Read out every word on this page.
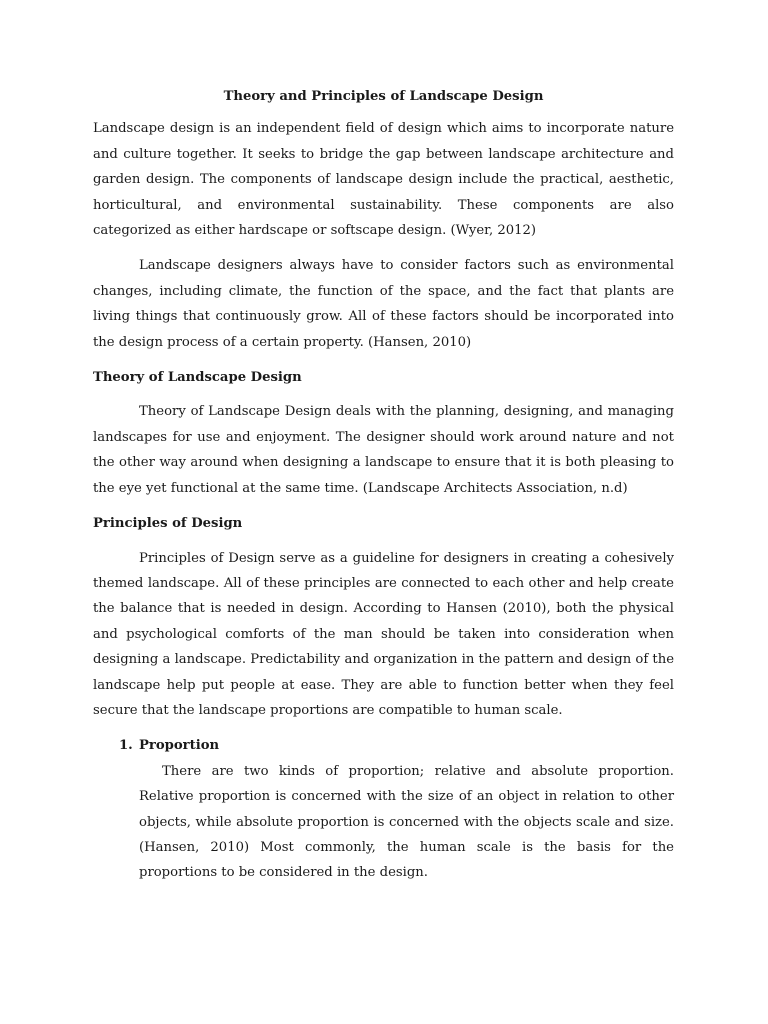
Theory and Principles of Landscape Design

Landscape design is an independent field of design which aims to incorporate nature and culture together. It seeks to bridge the gap between landscape architecture and garden design. The components of landscape design include the practical, aesthetic, horticultural, and environmental sustainability. These components are also categorized as either hardscape or softscape design. (Wyer, 2012)

Landscape designers always have to consider factors such as environmental changes, including climate, the function of the space, and the fact that plants are living things that continuously grow. All of these factors should be incorporated into the design process of a certain property. (Hansen, 2010)

Theory of Landscape Design

Theory of Landscape Design deals with the planning, designing, and managing landscapes for use and enjoyment. The designer should work around nature and not the other way around when designing a landscape to ensure that it is both pleasing to the eye yet functional at the same time. (Landscape Architects Association, n.d)

Principles of Design

Principles of Design serve as a guideline for designers in creating a cohesively themed landscape. All of these principles are connected to each other and help create the balance that is needed in design. According to Hansen (2010), both the physical and psychological comforts of the man should be taken into consideration when designing a landscape. Predictability and organization in the pattern and design of the landscape help put people at ease. They are able to function better when they feel secure that the landscape proportions are compatible to human scale.

1. Proportion

There are two kinds of proportion; relative and absolute proportion. Relative proportion is concerned with the size of an object in relation to other objects, while absolute proportion is concerned with the objects scale and size. (Hansen, 2010) Most commonly, the human scale is the basis for the proportions to be considered in the design.
